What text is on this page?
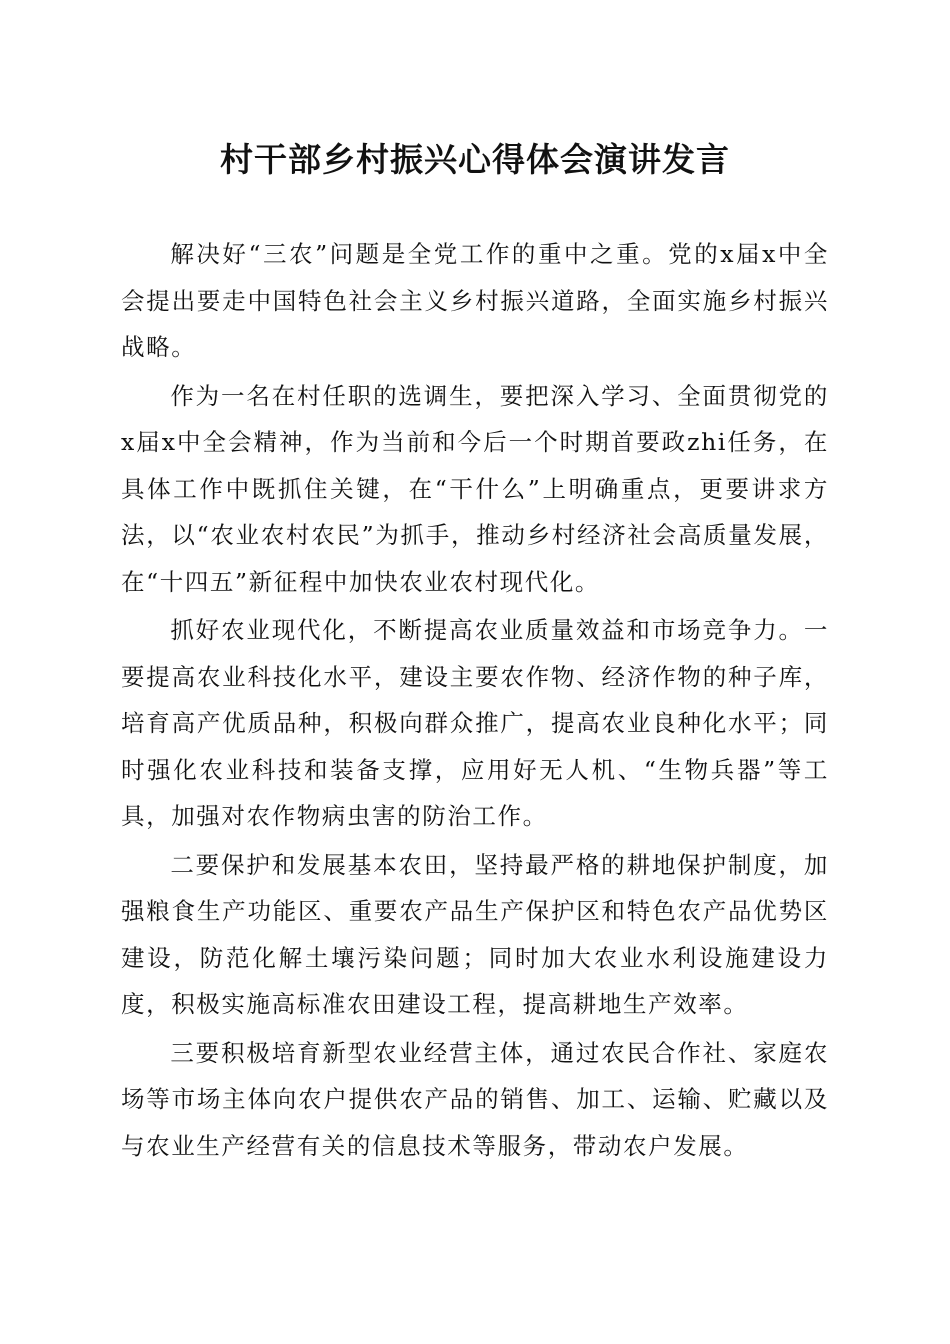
村干部乡村振兴心得体会演讲发言

解决好“三农”问题是全党工作的重中之重。党的x届x中全会提出要走中国特色社会主义乡村振兴道路，全面实施乡村振兴战略。

作为一名在村任职的选调生，要把深入学习、全面贯彻党的x届x中全会精神，作为当前和今后一个时期首要政zhi任务，在具体工作中既抓住关键，在“干什么”上明确重点，更要讲求方法，以“农业农村农民”为抓手，推动乡村经济社会高质量发展，在“十四五”新征程中加快农业农村现代化。

抓好农业现代化，不断提高农业质量效益和市场竞争力。一要提高农业科技化水平，建设主要农作物、经济作物的种子库，培育高产优质品种，积极向群众推广，提高农业良种化水平；同时强化农业科技和装备支撑，应用好无人机、“生物兵器”等工具，加强对农作物病虫害的防治工作。

二要保护和发展基本农田，坚持最严格的耕地保护制度，加强粮食生产功能区、重要农产品生产保护区和特色农产品优势区建设，防范化解土壤污染问题；同时加大农业水利设施建设力度，积极实施高标准农田建设工程，提高耕地生产效率。

三要积极培育新型农业经营主体，通过农民合作社、家庭农场等市场主体向农户提供农产品的销售、加工、运输、贮藏以及与农业生产经营有关的信息技术等服务，带动农户发展。
